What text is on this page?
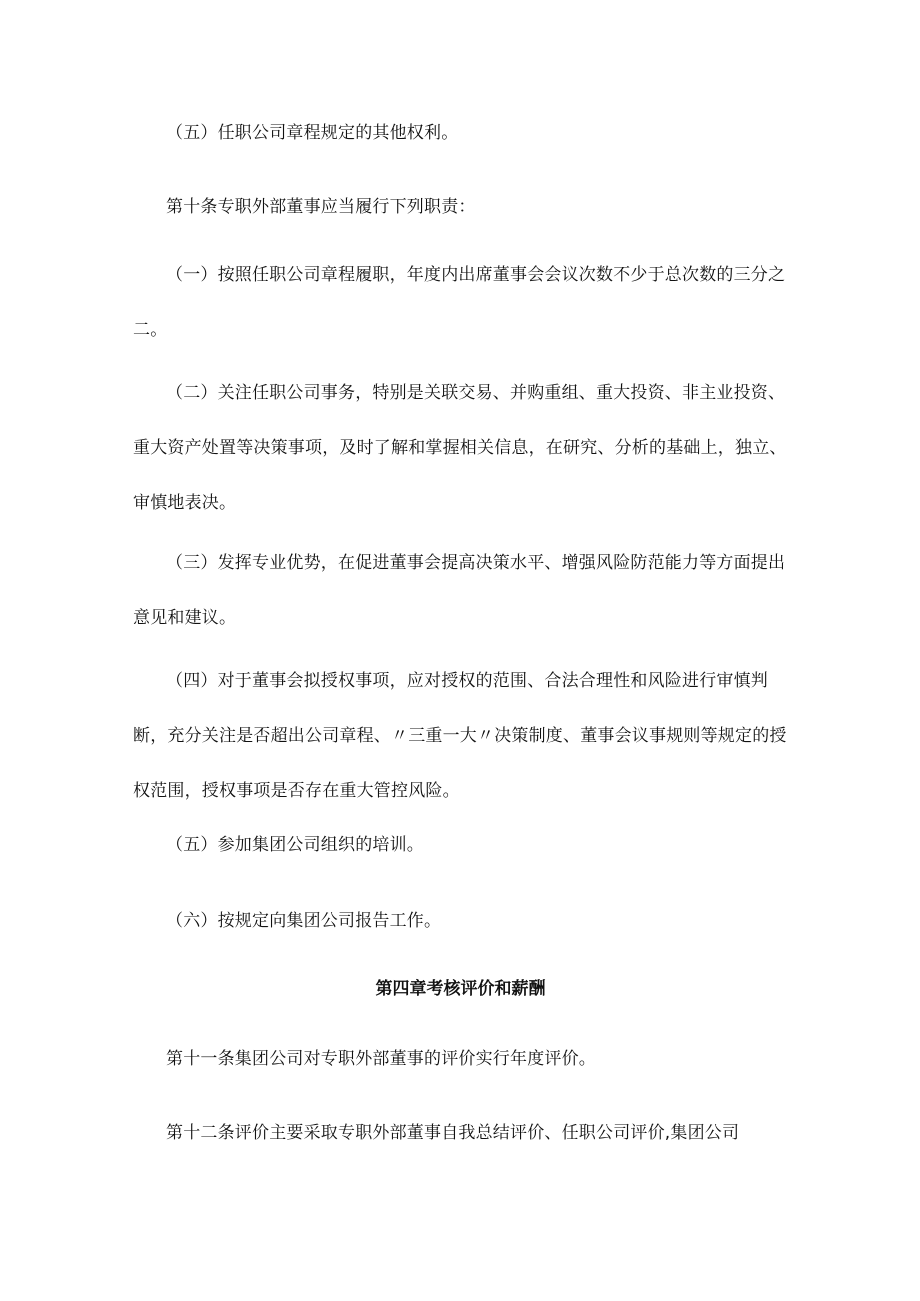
（五）任职公司章程规定的其他权利。

第十条专职外部董事应当履行下列职责：

（一）按照任职公司章程履职，年度内出席董事会会议次数不少于总次数的三分之二。

（二）关注任职公司事务，特别是关联交易、并购重组、重大投资、非主业投资、重大资产处置等决策事项，及时了解和掌握相关信息，在研究、分析的基础上，独立、审慎地表决。

（三）发挥专业优势，在促进董事会提高决策水平、增强风险防范能力等方面提出意见和建议。

（四）对于董事会拟授权事项，应对授权的范围、合法合理性和风险进行审慎判断，充分关注是否超出公司章程、〃三重一大〃决策制度、董事会议事规则等规定的授权范围，授权事项是否存在重大管控风险。

（五）参加集团公司组织的培训。

（六）按规定向集团公司报告工作。

第四章考核评价和薪酬

第十一条集团公司对专职外部董事的评价实行年度评价。

第十二条评价主要采取专职外部董事自我总结评价、任职公司评价,集团公司
